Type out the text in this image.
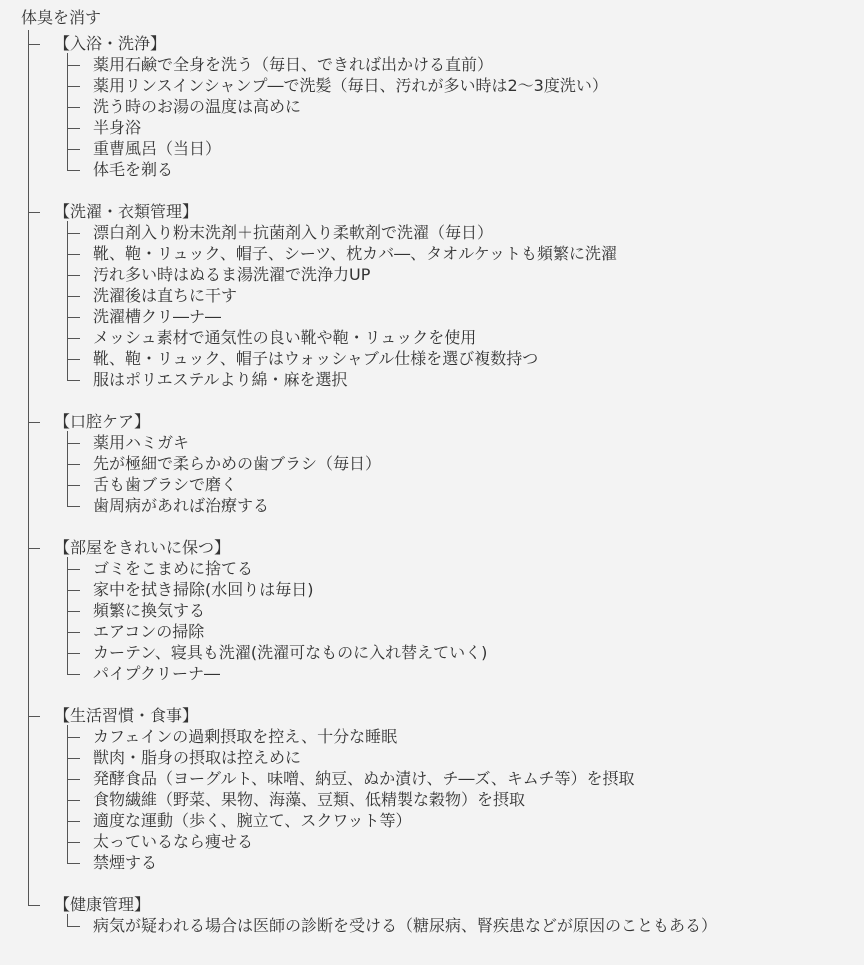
体臭を消す
【入浴・洗浄】
薬用石鹸で全身を洗う（毎日、できれば出かける直前）
薬用リンスインシャンプ―で洗髪（毎日、汚れが多い時は2～3度洗い）
洗う時のお湯の温度は高めに
半身浴
重曹風呂（当日）
体毛を剃る
【洗濯・衣類管理】
漂白剤入り粉末洗剤＋抗菌剤入り柔軟剤で洗濯（毎日）
靴、鞄・リュック、帽子、シーツ、枕カバ―、タオルケットも頻繁に洗濯
汚れ多い時はぬるま湯洗濯で洗浄力UP
洗濯後は直ちに干す
洗濯槽クリ―ナ―
メッシュ素材で通気性の良い靴や鞄・リュックを使用
靴、鞄・リュック、帽子はウォッシャブル仕様を選び複数持つ
服はポリエステルより綿・麻を選択
【口腔ケア】
薬用ハミガキ
先が極細で柔らかめの歯ブラシ（毎日）
舌も歯ブラシで磨く
歯周病があれば治療する
【部屋をきれいに保つ】
ゴミをこまめに捨てる
家中を拭き掃除(水回りは毎日)
頻繁に換気する
エアコンの掃除
カーテン、寝具も洗濯(洗濯可なものに入れ替えていく)
パイプクリーナ―
【生活習慣・食事】
カフェインの過剰摂取を控え、十分な睡眠
獣肉・脂身の摂取は控えめに
発酵食品（ヨーグルト、味噌、納豆、ぬか漬け、チ―ズ、キムチ等）を摂取
食物繊維（野菜、果物、海藻、豆類、低精製な穀物）を摂取
適度な運動（歩く、腕立て、スクワット等）
太っているなら痩せる
禁煙する
【健康管理】
病気が疑われる場合は医師の診断を受ける（糖尿病、腎疾患などが原因のこともある）
